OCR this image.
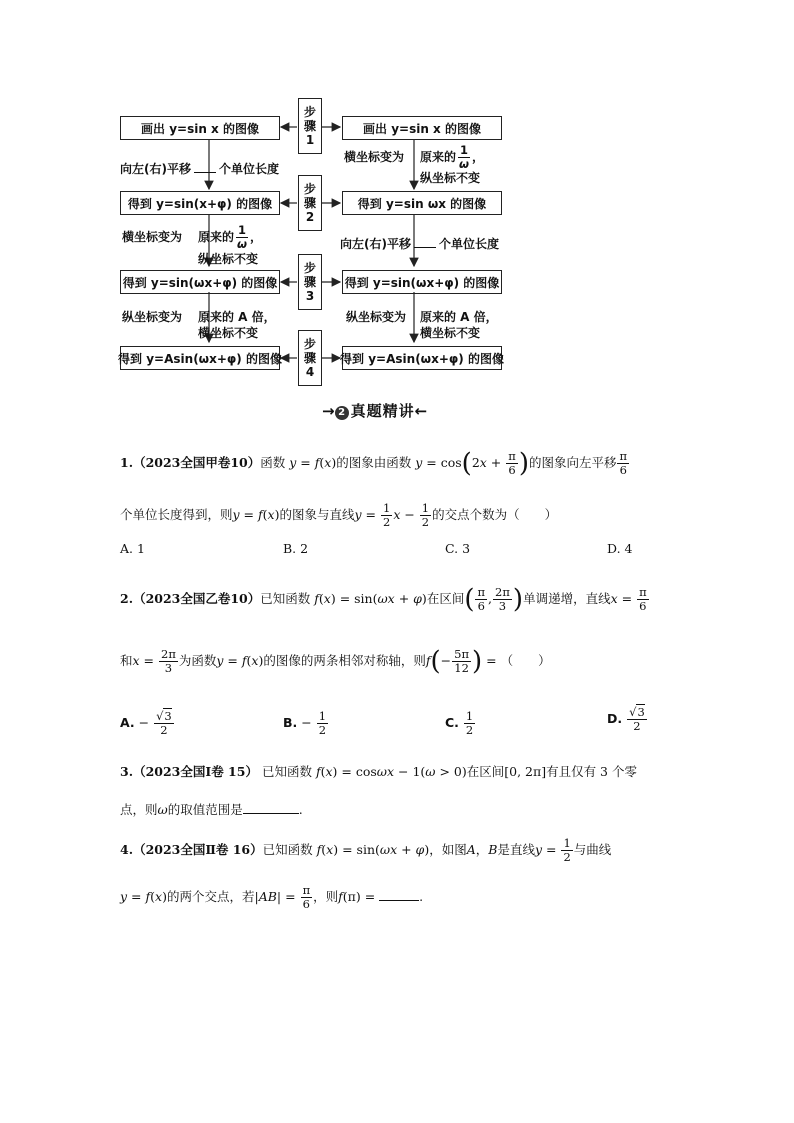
画出 y=sin x 的图像
得到 y=sin(x+φ) 的图像
得到 y=sin(ωx+φ) 的图像
得到 y=Asin(ωx+φ) 的图像
画出 y=sin x 的图像
得到 y=sin ωx 的图像
得到 y=sin(ωx+φ) 的图像
得到 y=Asin(ωx+φ) 的图像
步
骤
1
步
骤
2
步
骤
3
步
骤
4
向左(右)平移 个单位长度
横坐标变为 原来的 $\frac{1}{\omega}$ ，
纵坐标不变
纵坐标变为 原来的 A 倍，
横坐标不变
横坐标变为 原来的 $\frac{1}{\omega}$ ，
纵坐标不变
向左(右)平移 个单位长度
纵坐标变为 原来的 A 倍，
横坐标不变
→ 2 真题精讲←
1.（2023全国甲卷10）函数 y = f(x)的图象由函数 $y = \cos(2x + \frac{\pi}{6}$ )的图象向左平移 $\frac{\pi}{6}$
个单位长度得到，则y = f(x)的图象与直线$y = \frac{1}{2}$ $x - \frac{1}{2}$ 的交点个数为（　　）
A. 1	B. 2	C. 3	D. 4
2.（2023全国乙卷10）已知函数 f(x) = sin(ωx + φ)在区间( $\frac{\pi}{6}$ , $\frac{2\pi}{3}$ )单调递增，直线$x = \frac{\pi}{6}$
和$x = \frac{2\pi}{3}$ 为函数y = f(x)的图像的两条相邻对称轴，则$f(- \frac{5\pi}{12}$ ) = （　　）
A. − $\frac{√3}{2}$	B. − $\frac{1}{2}$	C. $\frac{1}{2}$	D. $\frac{√3}{2}$
3.（2023全国Ⅰ卷 15） 已知函数 f(x) = cosωx − 1(ω > 0)在区间[0, 2π]有且仅有 3 个零
点，则ω的取值范围是	.
4.（2023全国Ⅱ卷 16）已知函数 f(x) = sin(ωx + φ)，如图A，B是直线$y = \frac{1}{2}$ 与曲线
y = f(x)的两个交点，若$|AB| = \frac{\pi}{6}$ ，则f(π) =	.
